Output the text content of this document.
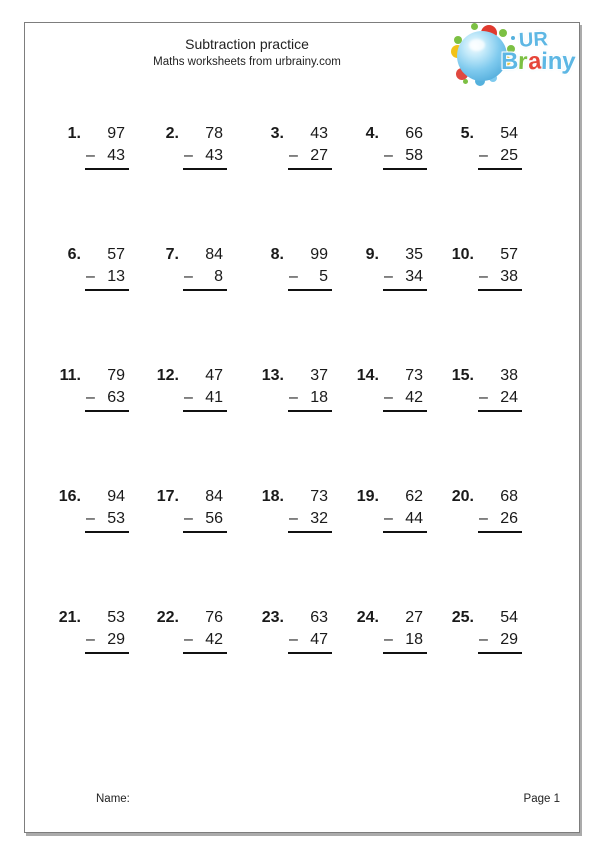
Subtraction practice
Maths worksheets from urbrainy.com
UR
Brainy
1.	97
– 43
2.	78
– 43
3.	43
– 27
4.	66
– 58
5.	54
– 25
6.	57
– 13
7.	84
– 8
8.	99
– 5
9.	35
– 34
10.	57
– 38
11.	79
– 63
12.	47
– 41
13.	37
– 18
14.	73
– 42
15.	38
– 24
16.	94
– 53
17.	84
– 56
18.	73
– 32
19.	62
– 44
20.	68
– 26
21.	53
– 29
22.	76
– 42
23.	63
– 47
24.	27
– 18
25.	54
– 29
Name:	Page 1
